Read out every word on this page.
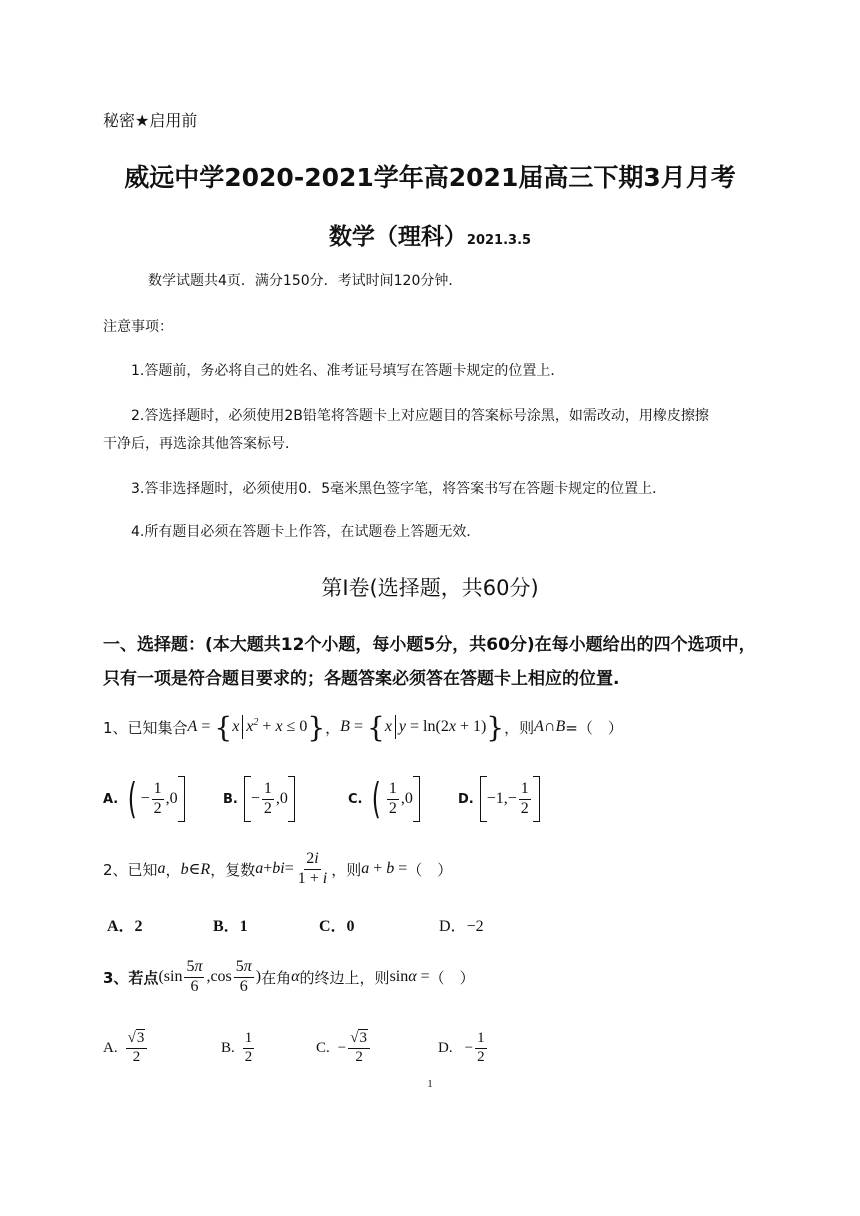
秘密★启用前
威远中学2020-2021学年高2021届高三下期3月月考
数学（理科）2021.3.5
数学试题共4页．满分150分．考试时间120分钟．
注意事项：
1.答题前，务必将自己的姓名、准考证号填写在答题卡规定的位置上．
2.答选择题时，必须使用2B铅笔将答题卡上对应题目的答案标号涂黑，如需改动，用橡皮擦擦
干净后，再选涂其他答案标号．
3.答非选择题时，必须使用0．5毫米黑色签字笔，将答案书写在答题卡规定的位置上．
4.所有题目必须在答题卡上作答，在试题卷上答题无效．
第Ⅰ卷(选择题，共60分)
一、选择题：(本大题共12个小题，每小题5分，共60分)在每小题给出的四个选项中，
只有一项是符合题目要求的；各题答案必须答在答题卡上相应的位置.
1、已知集合 A = {x $x^2 + x \le 0$} ， B = {x y = ln(2x + 1)} ，则 A∩B =（　）
A. ( − $\frac{1}{2} ,0$	B. − $\frac{1}{2} ,0$	C. ( $\frac{1}{2} ,0$	D. $-1,- \frac{1}{2}$
2、已知 a ， b∈R ，复数 a + bi = $\frac{2i}{1 + i}$ ，则 a + b = （　）
A．2	B．1	C．0	D．−2
3、若点 ($\sin \frac{5\pi}{6} ,\cos \frac{5\pi}{6}$ ) 在角 α 的终边上，则 sinα = （　）
A. $\frac{√3}{2}$	B. $\frac{1}{2}$	C. − $\frac{√3}{2}$	D. − $\frac{1}{2}$
1
